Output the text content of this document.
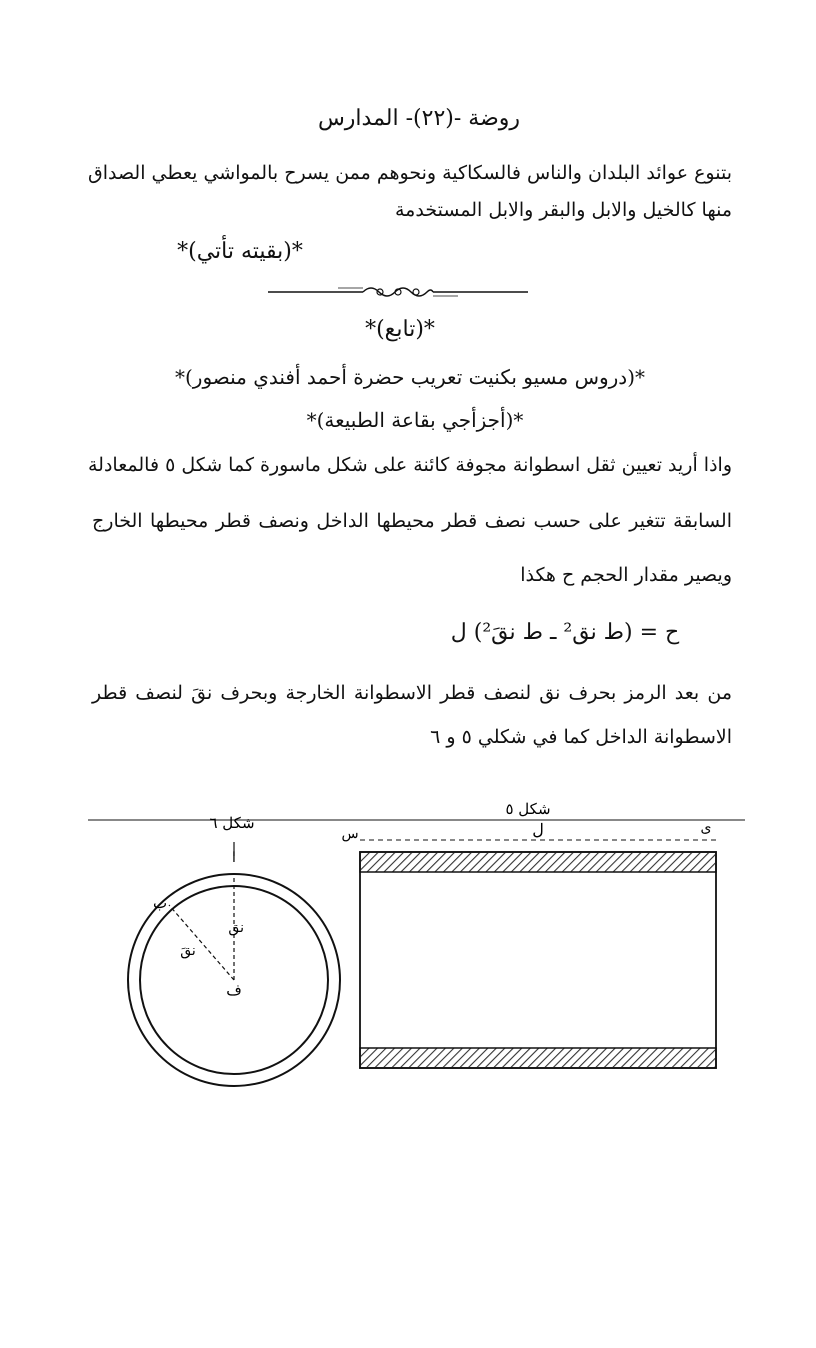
روضة -(٢٢)- المدارس
بتنوع عوائد البلدان والناس فالسكاكية ونحوهم ممن يسرح بالمواشي يعطي الصداق
منها كالخيل والابل والبقر والابل المستخدمة
*(بقيته تأتي)*
*(تابع)*
*(دروس مسيو بكنيت تعريب حضرة أحمد أفندي منصور)*
*(أجزأجي بقاعة الطبيعة)*
واذا أريد تعيين ثقل اسطوانة مجوفة كائنة على شكل ماسورة كما شكل ٥ فالمعادلة
السابقة تتغير على حسب نصف قطر محيطها الداخل ونصف قطر محيطها الخارج
ويصير مقدار الحجم ح هكذا
ح = (ط نق² ـ ط نقَ²) ل
من بعد الرمز بحرف نق لنصف قطر الاسطوانة الخارجة وبحرف نقَ لنصف قطر
الاسطوانة الداخل كما في شكلي ٥ و ٦
شكل ٦
ا
ب
نق
نقَ
ف
شكل ٥
ل
س	ى
